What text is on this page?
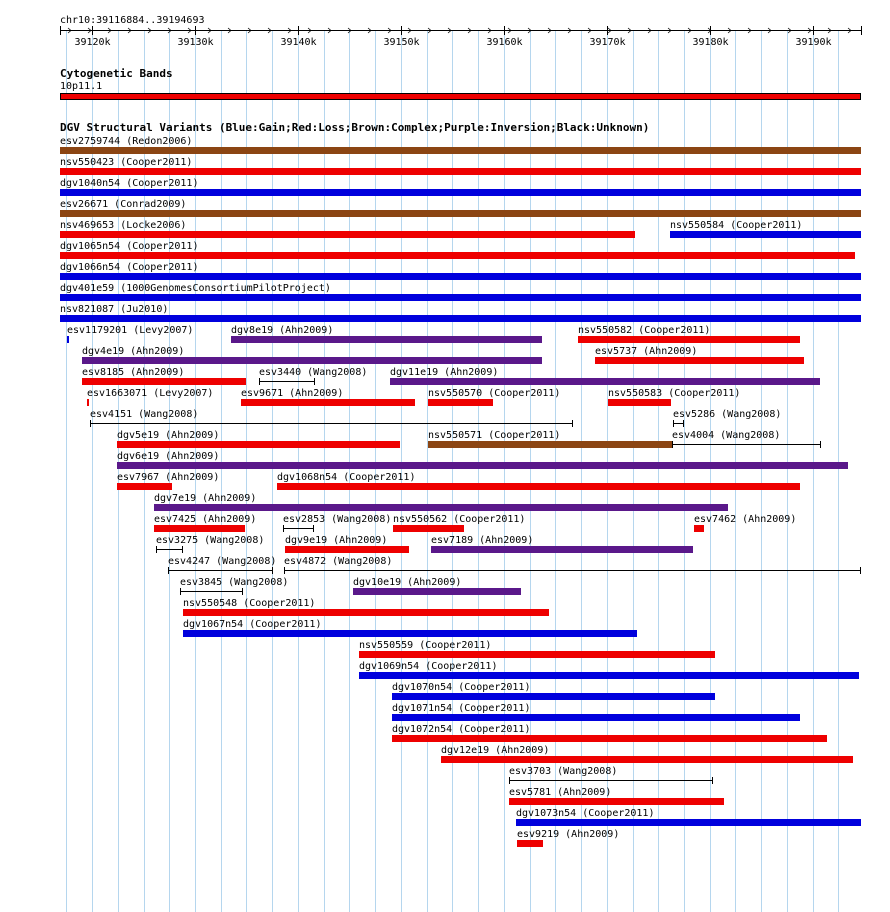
39120k	39130k	39140k	39150k	39160k	39170k	39180k	39190k
chr10:39116884..39194693
Cytogenetic Bands
10p11.1
DGV Structural Variants (Blue:Gain;Red:Loss;Brown:Complex;Purple:Inversion;Black:Unknown)
esv2759744 (Redon2006)
nsv550423 (Cooper2011)
dgv1040n54 (Cooper2011)
esv26671 (Conrad2009)
nsv469653 (Locke2006)	nsv550584 (Cooper2011)
dgv1065n54 (Cooper2011)
dgv1066n54 (Cooper2011)
dgv401e59 (1000GenomesConsortiumPilotProject)
nsv821087 (Ju2010)
esv1179201 (Levy2007)	dgv8e19 (Ahn2009)	nsv550582 (Cooper2011)
dgv4e19 (Ahn2009)	esv5737 (Ahn2009)
esv8185 (Ahn2009)	esv3440 (Wang2008) dgv11e19 (Ahn2009)
esv1663071 (Levy2007)	esv9671 (Ahn2009)	nsv550570 (Cooper2011)	nsv550583 (Cooper2011)
esv4151 (Wang2008)	esv5286 (Wang2008)
dgv5e19 (Ahn2009)	nsv550571 (Cooper2011)	esv4004 (Wang2008)
dgv6e19 (Ahn2009)
esv7967 (Ahn2009)	dgv1068n54 (Cooper2011)
dgv7e19 (Ahn2009)
esv7425 (Ahn2009)	esv2853 (Wang2008) nsv550562 (Cooper2011)	esv7462 (Ahn2009)
esv3275 (Wang2008) dgv9e19 (Ahn2009)	esv7189 (Ahn2009)
esv4247 (Wang2008) esv4872 (Wang2008)
esv3845 (Wang2008)	dgv10e19 (Ahn2009)
nsv550548 (Cooper2011)
dgv1067n54 (Cooper2011)
nsv550559 (Cooper2011)
dgv1069n54 (Cooper2011)
dgv1070n54 (Cooper2011)
dgv1071n54 (Cooper2011)
dgv1072n54 (Cooper2011)
dgv12e19 (Ahn2009)
esv3703 (Wang2008)
esv5781 (Ahn2009)
dgv1073n54 (Cooper2011)
esv9219 (Ahn2009)
